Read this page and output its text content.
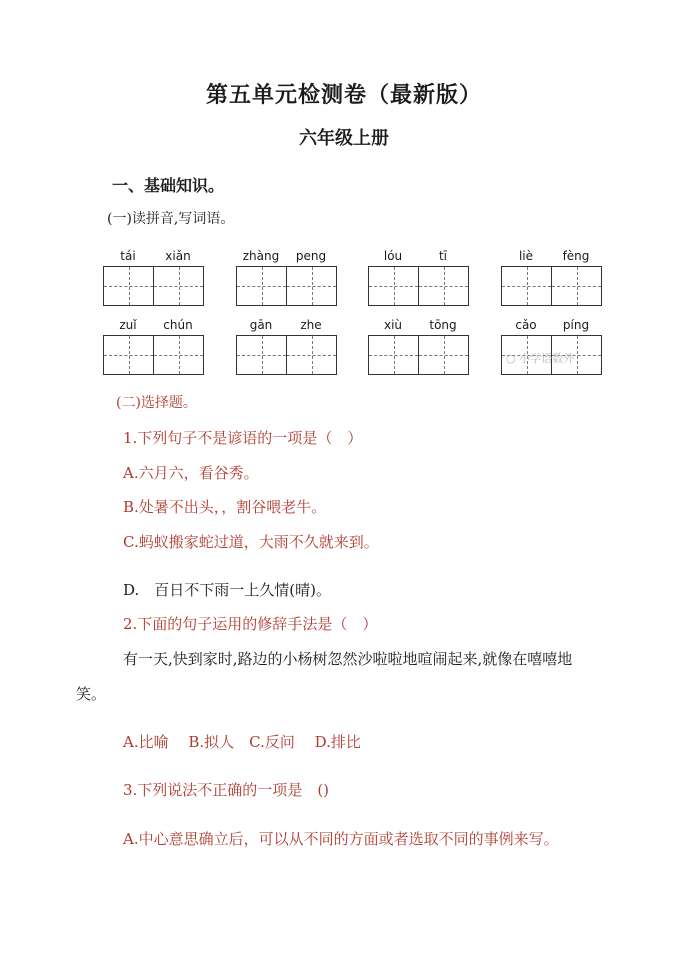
第五单元检测卷（最新版）
六年级上册
一、基础知识。
(一)读拼音,写词语。
tái	xiǎn	zhàng	peng	lóu	tī	liè	fèng
zuǐ	chún	gān	zhe	xiù	tōng	cǎo	píng
○ 小学语数外
(二)选择题。
1.下列句子不是谚语的一项是（　）
A.六月六，看谷秀。
B.处暑不出头，，割谷喂老牛。
C.蚂蚁搬家蛇过道，大雨不久就来到。
D.　百日不下雨一上久情(晴)。
2.下面的句子运用的修辞手法是（　）
有一天,快到家时,路边的小杨树忽然沙啦啦地喧闹起来,就像在嘻嘻地
笑。
A.比喻　 B.拟人　C.反问　 D.排比
3.下列说法不正确的一项是　()
A.中心意思确立后，可以从不同的方面或者选取不同的事例来写。
